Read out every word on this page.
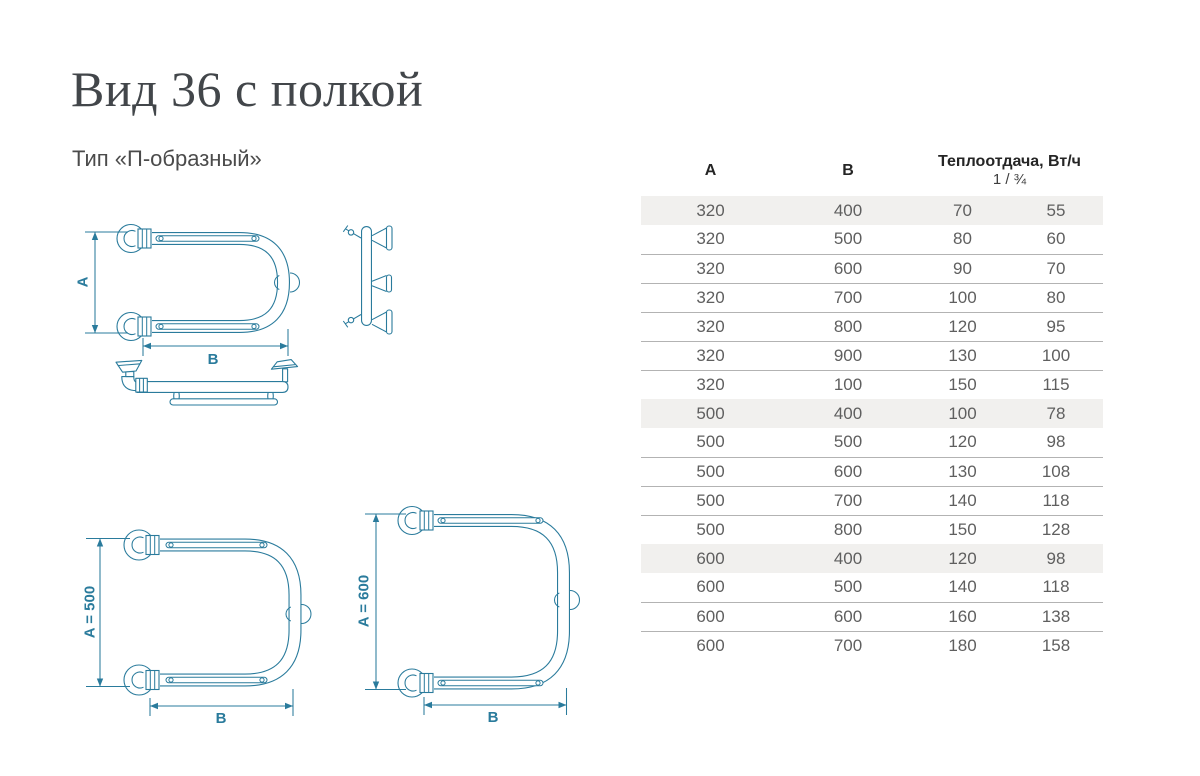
Вид 36 с полкой
Тип «П-образный»
А
В
A = 500
В
A = 600
В
А	В	Теплоотдача, Вт/ч
1 / ¾	

320	400	70	55
320	500	80	60
320	600	90	70
320	700	100	80
320	800	120	95
320	900	130	100
320	100	150	115
500	400	100	78
500	500	120	98
500	600	130	108
500	700	140	118
500	800	150	128
600	400	120	98
600	500	140	118
600	600	160	138
600	700	180	158
